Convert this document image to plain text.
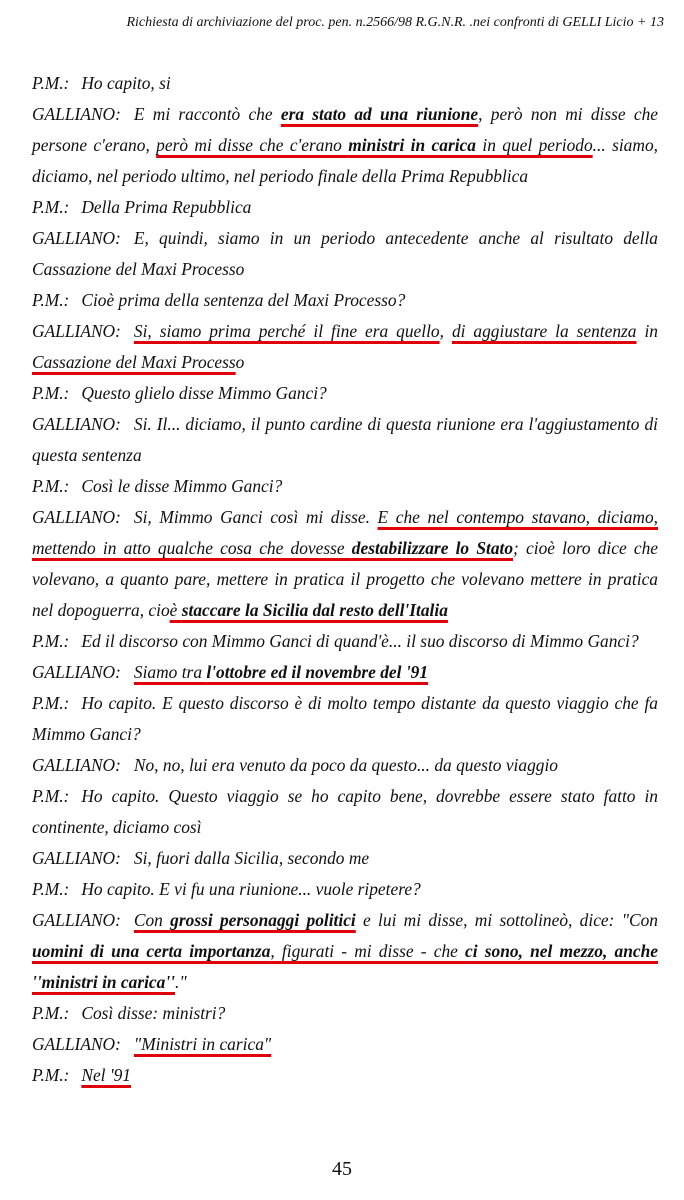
Richiesta di archiviazione del proc. pen. n.2566/98 R.G.N.R. .nei confronti di GELLI Licio + 13

P.M.: Ho capito, si

GALLIANO: E mi raccontò che era stato ad una riunione, però non mi disse che persone c'erano, però mi disse che c'erano ministri in carica in quel periodo... siamo, diciamo, nel periodo ultimo, nel periodo finale della Prima Repubblica

P.M.: Della Prima Repubblica

GALLIANO: E, quindi, siamo in un periodo antecedente anche al risultato della Cassazione del Maxi Processo

P.M.: Cioè prima della sentenza del Maxi Processo?

GALLIANO: Si, siamo prima perché il fine era quello, di aggiustare la sentenza in Cassazione del Maxi Processo

P.M.: Questo glielo disse Mimmo Ganci?

GALLIANO: Si. Il... diciamo, il punto cardine di questa riunione era l'aggiustamento di questa sentenza

P.M.: Così le disse Mimmo Ganci?

GALLIANO: Si, Mimmo Ganci così mi disse. E che nel contempo stavano, diciamo, mettendo in atto qualche cosa che dovesse destabilizzare lo Stato; cioè loro dice che volevano, a quanto pare, mettere in pratica il progetto che volevano mettere in pratica nel dopoguerra, cioè staccare la Sicilia dal resto dell'Italia

P.M.: Ed il discorso con Mimmo Ganci di quand'è... il suo discorso di Mimmo Ganci?

GALLIANO: Siamo tra l'ottobre ed il novembre del '91

P.M.: Ho capito. E questo discorso è di molto tempo distante da questo viaggio che fa Mimmo Ganci?

GALLIANO: No, no, lui era venuto da poco da questo... da questo viaggio

P.M.: Ho capito. Questo viaggio se ho capito bene, dovrebbe essere stato fatto in continente, diciamo così

GALLIANO: Si, fuori dalla Sicilia, secondo me

P.M.: Ho capito. E vi fu una riunione... vuole ripetere?

GALLIANO: Con grossi personaggi politici e lui mi disse, mi sottolineò, dice: "Con uomini di una certa importanza, figurati - mi disse - che ci sono, nel mezzo, anche ''ministri in carica''."

P.M.: Così disse: ministri?

GALLIANO: "Ministri in carica"

P.M.: Nel '91

45
